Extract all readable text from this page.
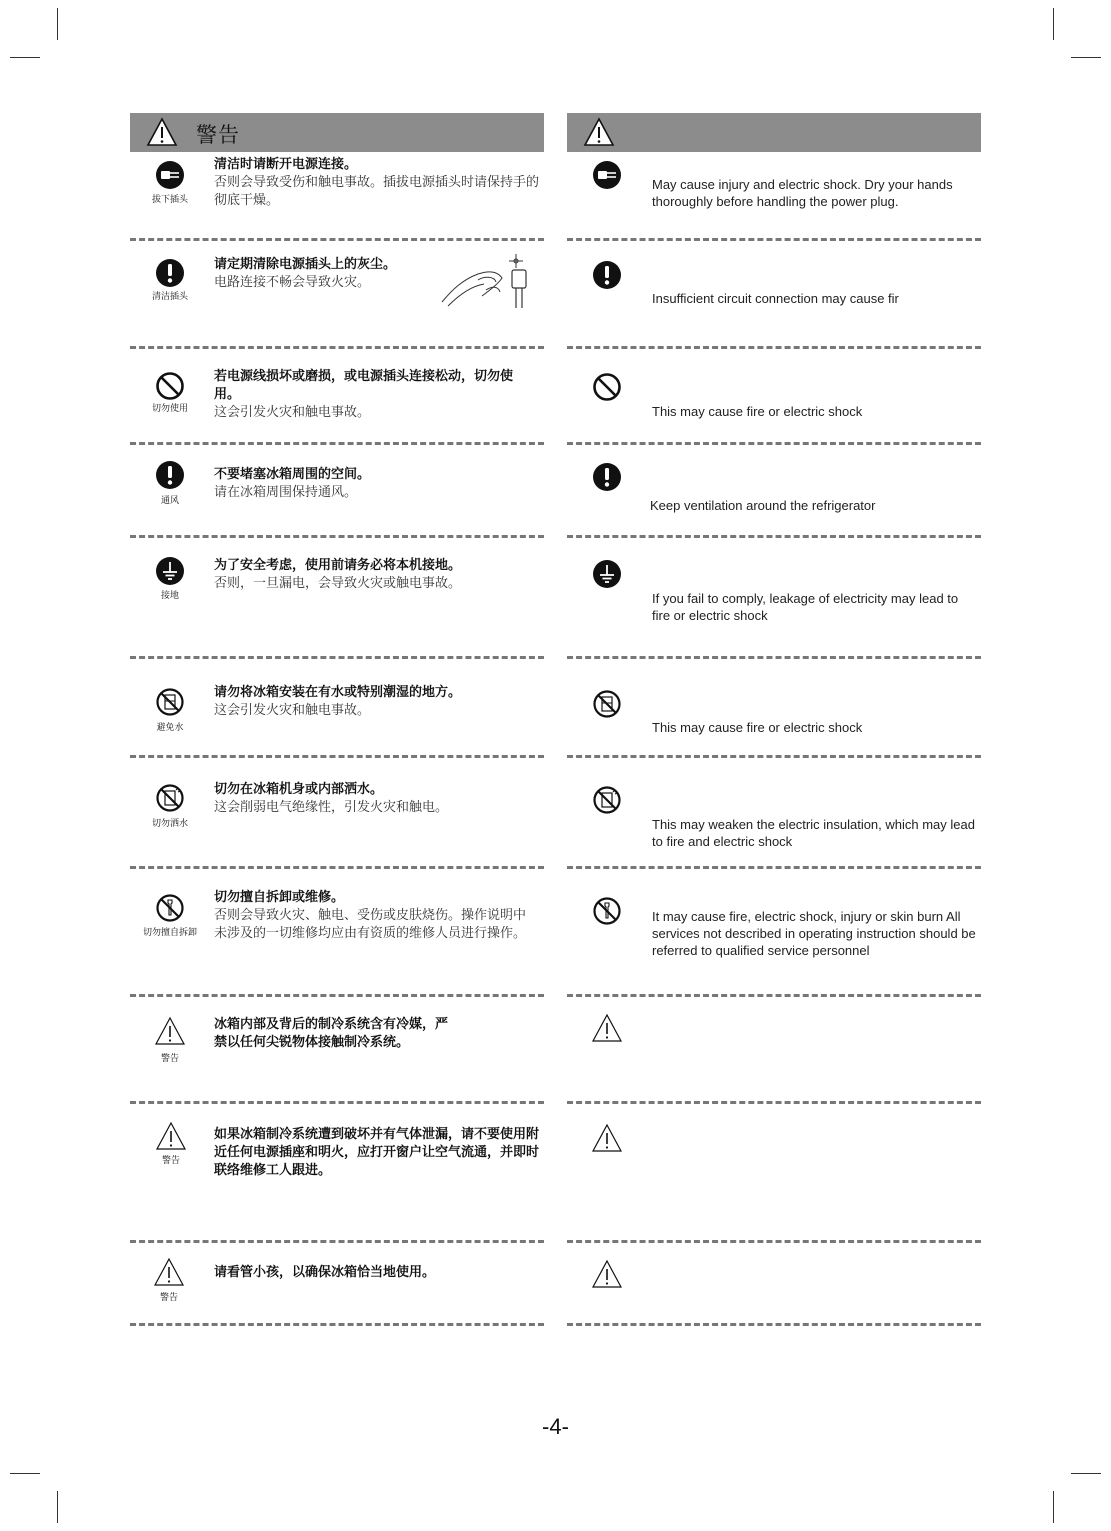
警告
拔下插头
清洁时请断开电源连接。
否则会导致受伤和触电事故。插拔电源插头时请保持手的彻底干燥。
May cause injury and electric shock. Dry your hands thoroughly before handling the power plug.
清洁插头
请定期清除电源插头上的灰尘。
电路连接不畅会导致火灾。
Insufficient circuit connection may cause fir
切勿使用
若电源线损坏或磨损，或电源插头连接松动，切勿使用。
这会引发火灾和触电事故。	This may cause fire or electric shock
通风
不要堵塞冰箱周围的空间。
请在冰箱周围保持通风。
Keep ventilation around the refrigerator
接地
为了安全考虑，使用前请务必将本机接地。
否则，一旦漏电，会导致火灾或触电事故。
If you fail to comply, leakage of electricity may lead to fire or electric shock
避免水
请勿将冰箱安装在有水或特别潮湿的地方。
这会引发火灾和触电事故。
This may cause fire or electric shock
切勿洒水
切勿在冰箱机身或内部洒水。
这会削弱电气绝缘性，引发火灾和触电。
This may weaken the electric insulation, which may lead to fire and electric shock
切勿擅自拆卸
切勿擅自拆卸或维修。
否则会导致火灾、触电、受伤或皮肤烧伤。操作说明中未涉及的一切维修均应由有资质的维修人员进行操作。
It may cause fire, electric shock, injury or skin burn All services not described in operating instruction should be referred to qualified service personnel
警告
冰箱内部及背后的制冷系统含有冷媒，严禁以任何尖锐物体接触制冷系统。
警告
如果冰箱制冷系统遭到破坏并有气体泄漏，请不要使用附近任何电源插座和明火，应打开窗户让空气流通，并即时联络维修工人跟进。
警告
请看管小孩，以确保冰箱恰当地使用。
-4-
